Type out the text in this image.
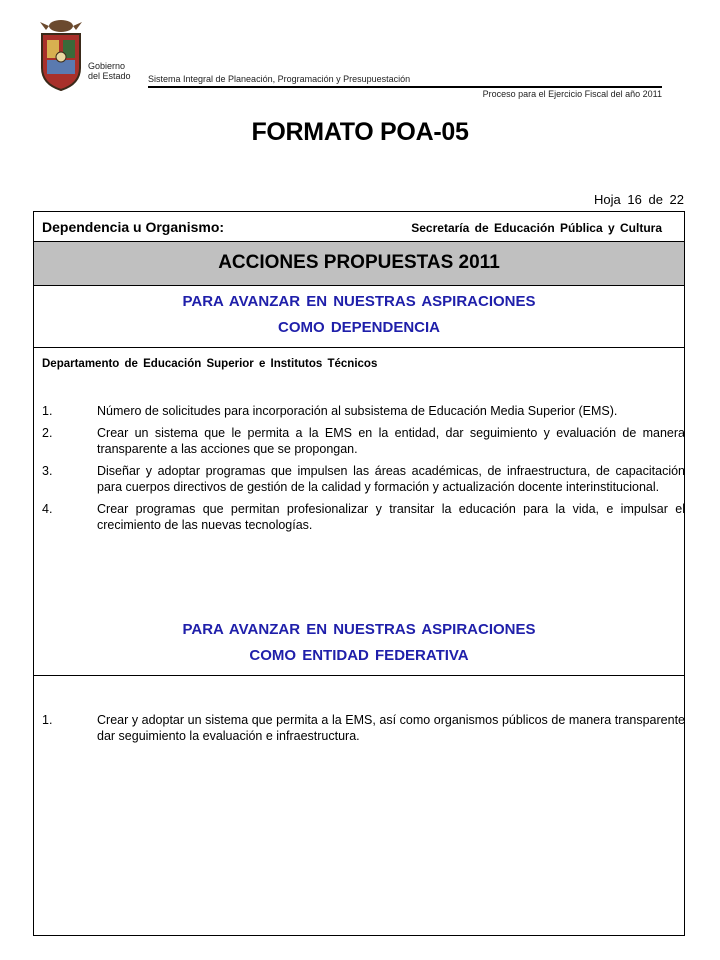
Gobierno
del Estado Sistema Integral de Planeación, Programación y Presupuestación
Proceso para el Ejercicio Fiscal del año 2011
FORMATO POA-05
Hoja 16 de 22
Dependencia u Organismo:	Secretaría de Educación Pública y Cultura
ACCIONES PROPUESTAS 2011
PARA AVANZAR EN NUESTRAS ASPIRACIONES
COMO DEPENDENCIA
Departamento de Educación Superior e Institutos Técnicos
1.	Número de solicitudes para incorporación al subsistema de Educación Media Superior (EMS).
2.	Crear un sistema que le permita a la EMS en la entidad, dar seguimiento y evaluación de manera transparente a las acciones que se propongan.
3.	Diseñar y adoptar programas que impulsen las áreas académicas, de infraestructura, de capacitación para cuerpos directivos de gestión de la calidad y formación y actualización docente interinstitucional.
4.	Crear programas que permitan profesionalizar y transitar la educación para la vida, e impulsar el crecimiento de las nuevas tecnologías.
PARA AVANZAR EN NUESTRAS ASPIRACIONES
COMO ENTIDAD FEDERATIVA
1.	Crear y adoptar un sistema que permita a la EMS, así como organismos públicos de manera transparente dar seguimiento la evaluación e infraestructura.
